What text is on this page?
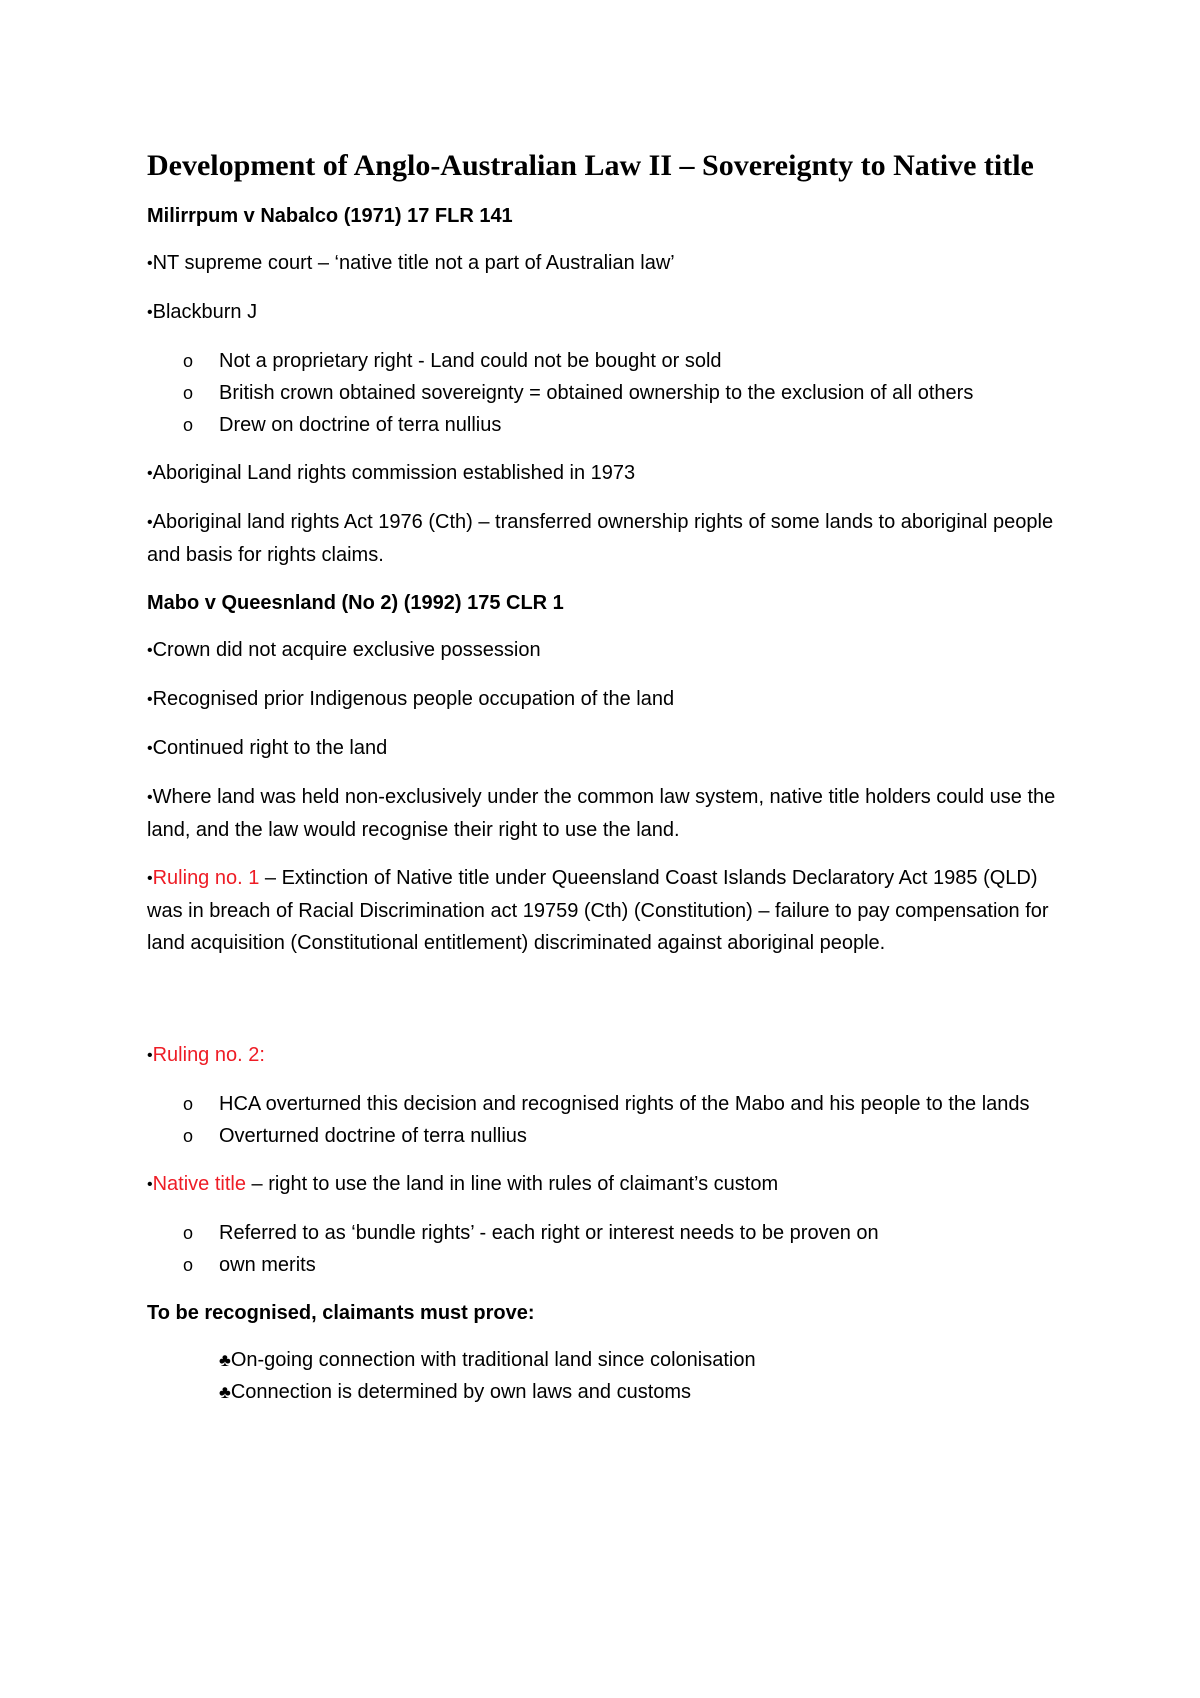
Development of Anglo-Australian Law II – Sovereignty to Native title
Milirrpum v Nabalco (1971) 17 FLR 141
•NT supreme court – ‘native title not a part of Australian law’
•Blackburn J
o Not a proprietary right - Land could not be bought or sold
o British crown obtained sovereignty = obtained ownership to the exclusion of all others
o Drew on doctrine of terra nullius
•Aboriginal Land rights commission established in 1973
•Aboriginal land rights Act 1976 (Cth) – transferred ownership rights of some lands to aboriginal people and basis for rights claims.
Mabo v Queesnland (No 2) (1992) 175 CLR 1
•Crown did not acquire exclusive possession
•Recognised prior Indigenous people occupation of the land
•Continued right to the land
•Where land was held non-exclusively under the common law system, native title holders could use the land, and the law would recognise their right to use the land.
•Ruling no. 1 – Extinction of Native title under Queensland Coast Islands Declaratory Act 1985 (QLD) was in breach of Racial Discrimination act 19759 (Cth) (Constitution) – failure to pay compensation for land acquisition (Constitutional entitlement) discriminated against aboriginal people.
•Ruling no. 2:
o HCA overturned this decision and recognised rights of the Mabo and his people to the lands
o Overturned doctrine of terra nullius
•Native title – right to use the land in line with rules of claimant’s custom
o Referred to as ‘bundle rights’ - each right or interest needs to be proven on
o own merits
To be recognised, claimants must prove:
♣On-going connection with traditional land since colonisation
♣Connection is determined by own laws and customs
